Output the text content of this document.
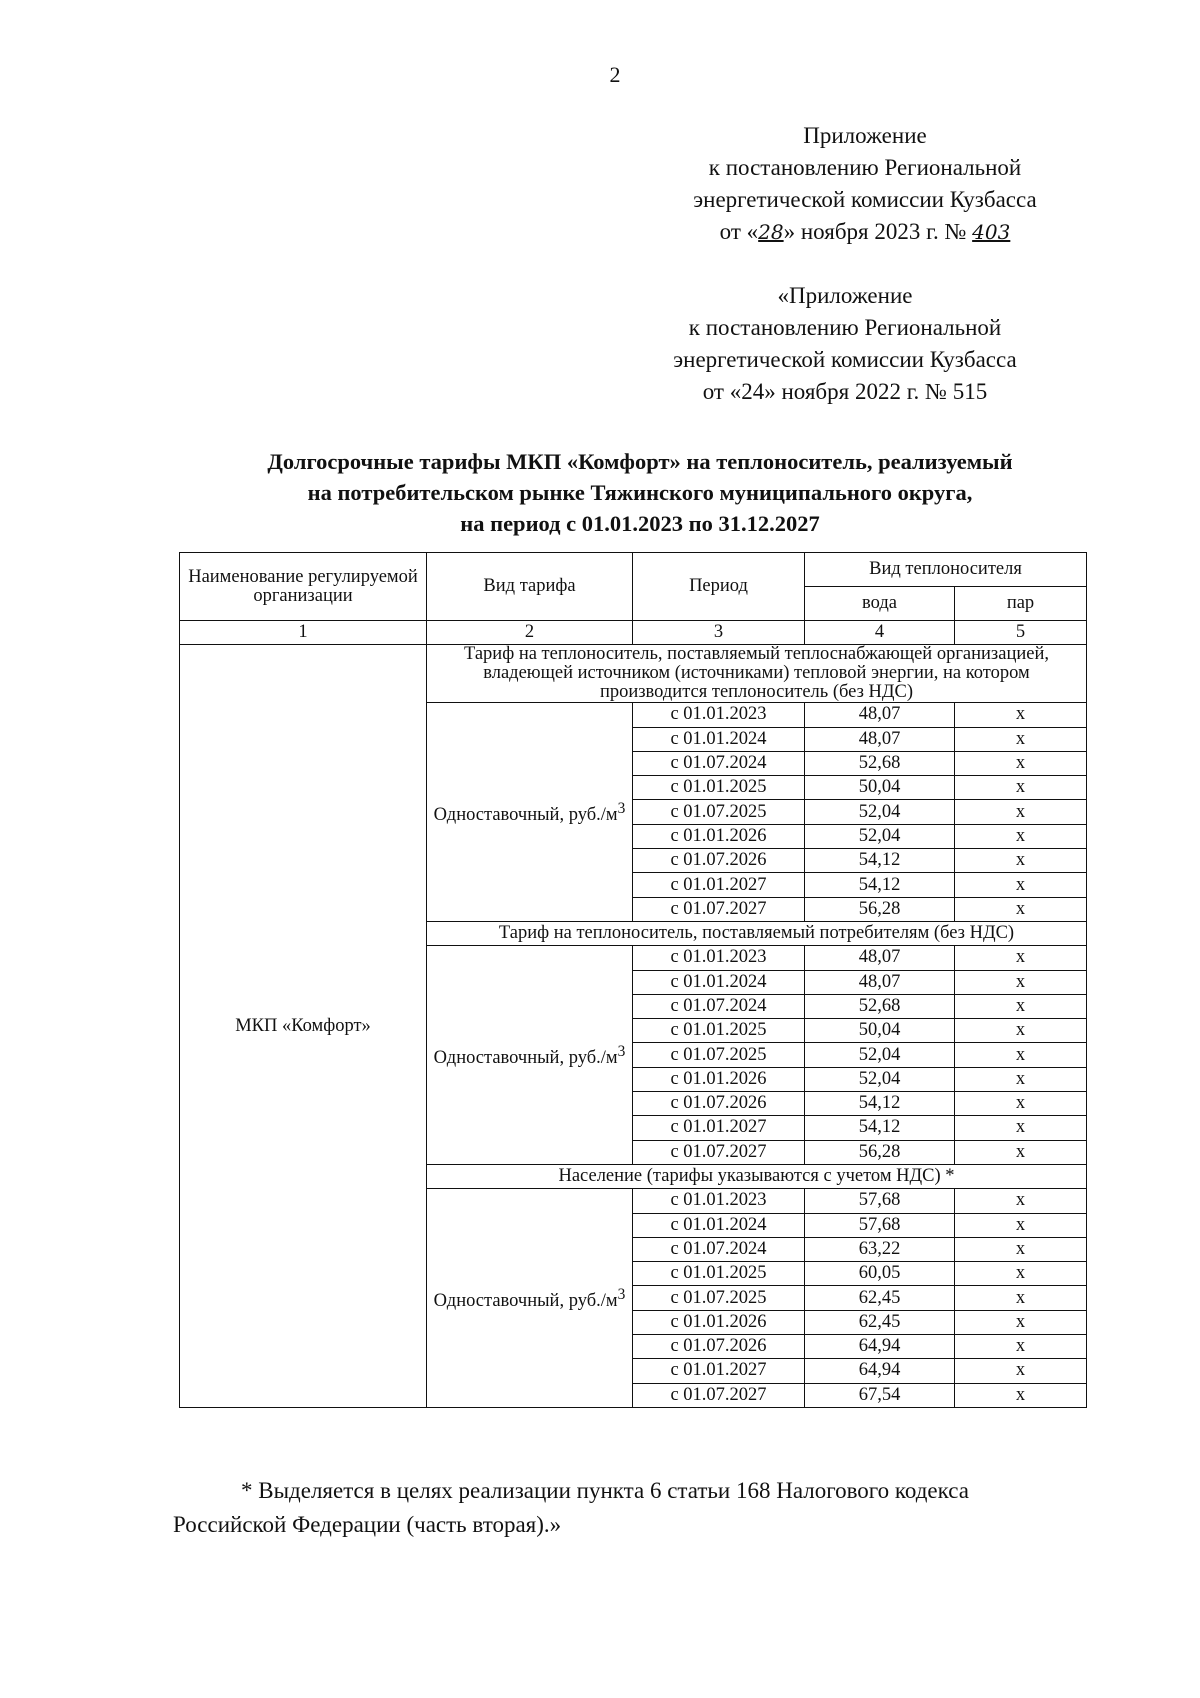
2
Приложение
к постановлению Региональной
энергетической комиссии Кузбасса
от «28» ноября 2023 г. № 403
«Приложение
к постановлению Региональной
энергетической комиссии Кузбасса
от «24» ноября 2022 г. № 515
Долгосрочные тарифы МКП «Комфорт» на теплоноситель, реализуемый
на потребительском рынке Тяжинского муниципального округа,
на период с 01.01.2023 по 31.12.2027
Наименование регулируемой организации	Вид тарифа	Период	Вид теплоносителя	
			вода	пар
1	2	3	4	5
МКП «Комфорт»	Тариф на теплоноситель, поставляемый теплоснабжающей организацией, владеющей источником (источниками) тепловой энергии, на котором производится теплоноситель (без НДС)			
	Одноставочный, $руб./м^3$	с 01.01.2023	48,07	х
		с 01.01.2024	48,07	х
		с 01.07.2024	52,68	х
		с 01.01.2025	50,04	х
		с 01.07.2025	52,04	х
		с 01.01.2026	52,04	х
		с 01.07.2026	54,12	х
		с 01.01.2027	54,12	х
		с 01.07.2027	56,28	х
	Тариф на теплоноситель, поставляемый потребителям (без НДС)			
	Одноставочный, $руб./м^3$	с 01.01.2023	48,07	х
		с 01.01.2024	48,07	х
		с 01.07.2024	52,68	х
		с 01.01.2025	50,04	х
		с 01.07.2025	52,04	х
		с 01.01.2026	52,04	х
		с 01.07.2026	54,12	х
		с 01.01.2027	54,12	х
		с 01.07.2027	56,28	х
	Население (тарифы указываются с учетом НДС) *			
	Одноставочный, $руб./м^3$	с 01.01.2023	57,68	х
		с 01.01.2024	57,68	х
		с 01.07.2024	63,22	х
		с 01.01.2025	60,05	х
		с 01.07.2025	62,45	х
		с 01.01.2026	62,45	х
		с 01.07.2026	64,94	х
		с 01.01.2027	64,94	х
		с 01.07.2027	67,54	х
* Выделяется в целях реализации пункта 6 статьи 168 Налогового кодекса
Российской Федерации (часть вторая).»
